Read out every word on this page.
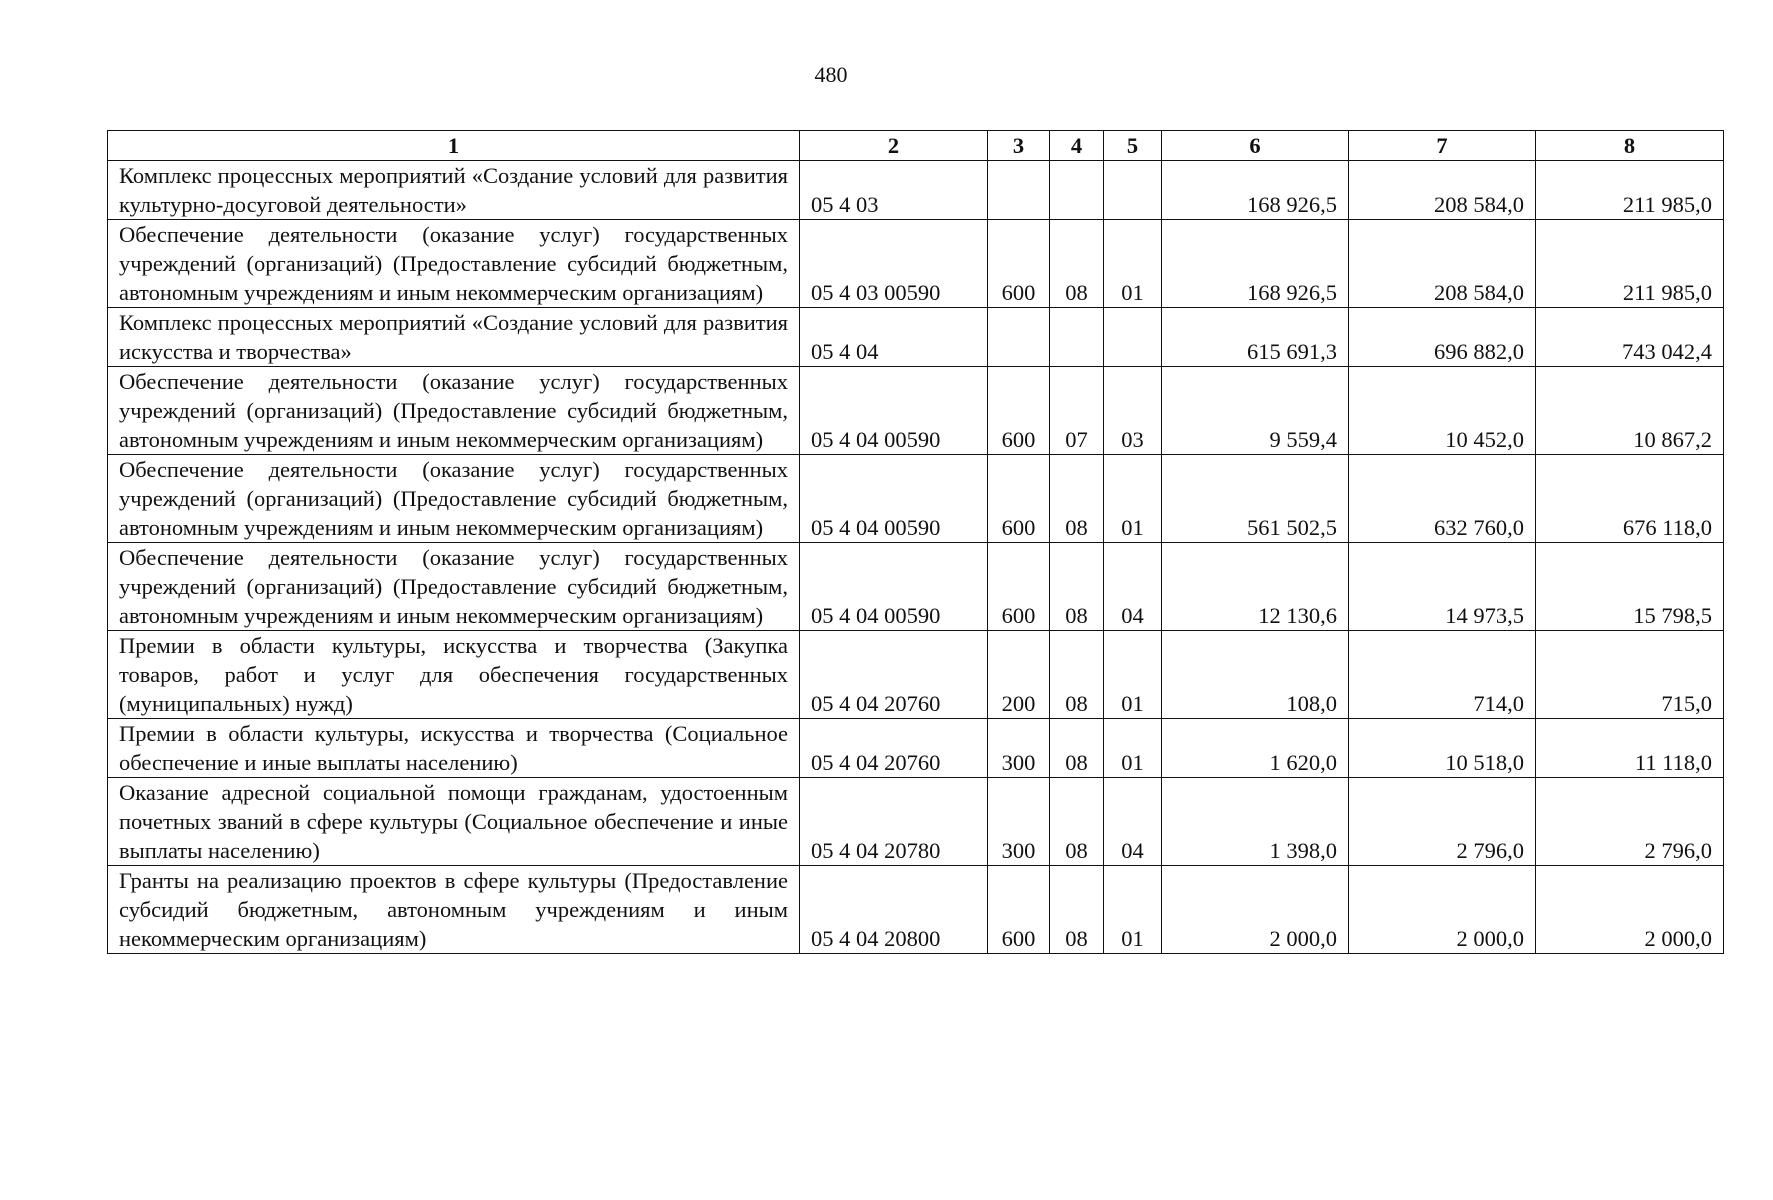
480
1	2	3	4	5	6	7	8
Комплекс процессных мероприятий «Создание условий для развития культурно-досуговой деятельности»	05 4 03				168 926,5	208 584,0	211 985,0
Обеспечение деятельности (оказание услуг) государственных учреждений (организаций) (Предоставление субсидий бюджетным, автономным учреждениям и иным некоммерческим организациям)	05 4 03 00590	600	08	01	168 926,5	208 584,0	211 985,0
Комплекс процессных мероприятий «Создание условий для развития искусства и творчества»	05 4 04				615 691,3	696 882,0	743 042,4
Обеспечение деятельности (оказание услуг) государственных учреждений (организаций) (Предоставление субсидий бюджетным, автономным учреждениям и иным некоммерческим организациям)	05 4 04 00590	600	07	03	9 559,4	10 452,0	10 867,2
Обеспечение деятельности (оказание услуг) государственных учреждений (организаций) (Предоставление субсидий бюджетным, автономным учреждениям и иным некоммерческим организациям)	05 4 04 00590	600	08	01	561 502,5	632 760,0	676 118,0
Обеспечение деятельности (оказание услуг) государственных учреждений (организаций) (Предоставление субсидий бюджетным, автономным учреждениям и иным некоммерческим организациям)	05 4 04 00590	600	08	04	12 130,6	14 973,5	15 798,5
Премии в области культуры, искусства и творчества (Закупка товаров, работ и услуг для обеспечения государственных (муниципальных) нужд)	05 4 04 20760	200	08	01	108,0	714,0	715,0
Премии в области культуры, искусства и творчества (Социальное обеспечение и иные выплаты населению)	05 4 04 20760	300	08	01	1 620,0	10 518,0	11 118,0
Оказание адресной социальной помощи гражданам, удостоенным почетных званий в сфере культуры (Социальное обеспечение и иные выплаты населению)	05 4 04 20780	300	08	04	1 398,0	2 796,0	2 796,0
Гранты на реализацию проектов в сфере культуры (Предоставление субсидий бюджетным, автономным учреждениям и иным некоммерческим организациям)	05 4 04 20800	600	08	01	2 000,0	2 000,0	2 000,0
